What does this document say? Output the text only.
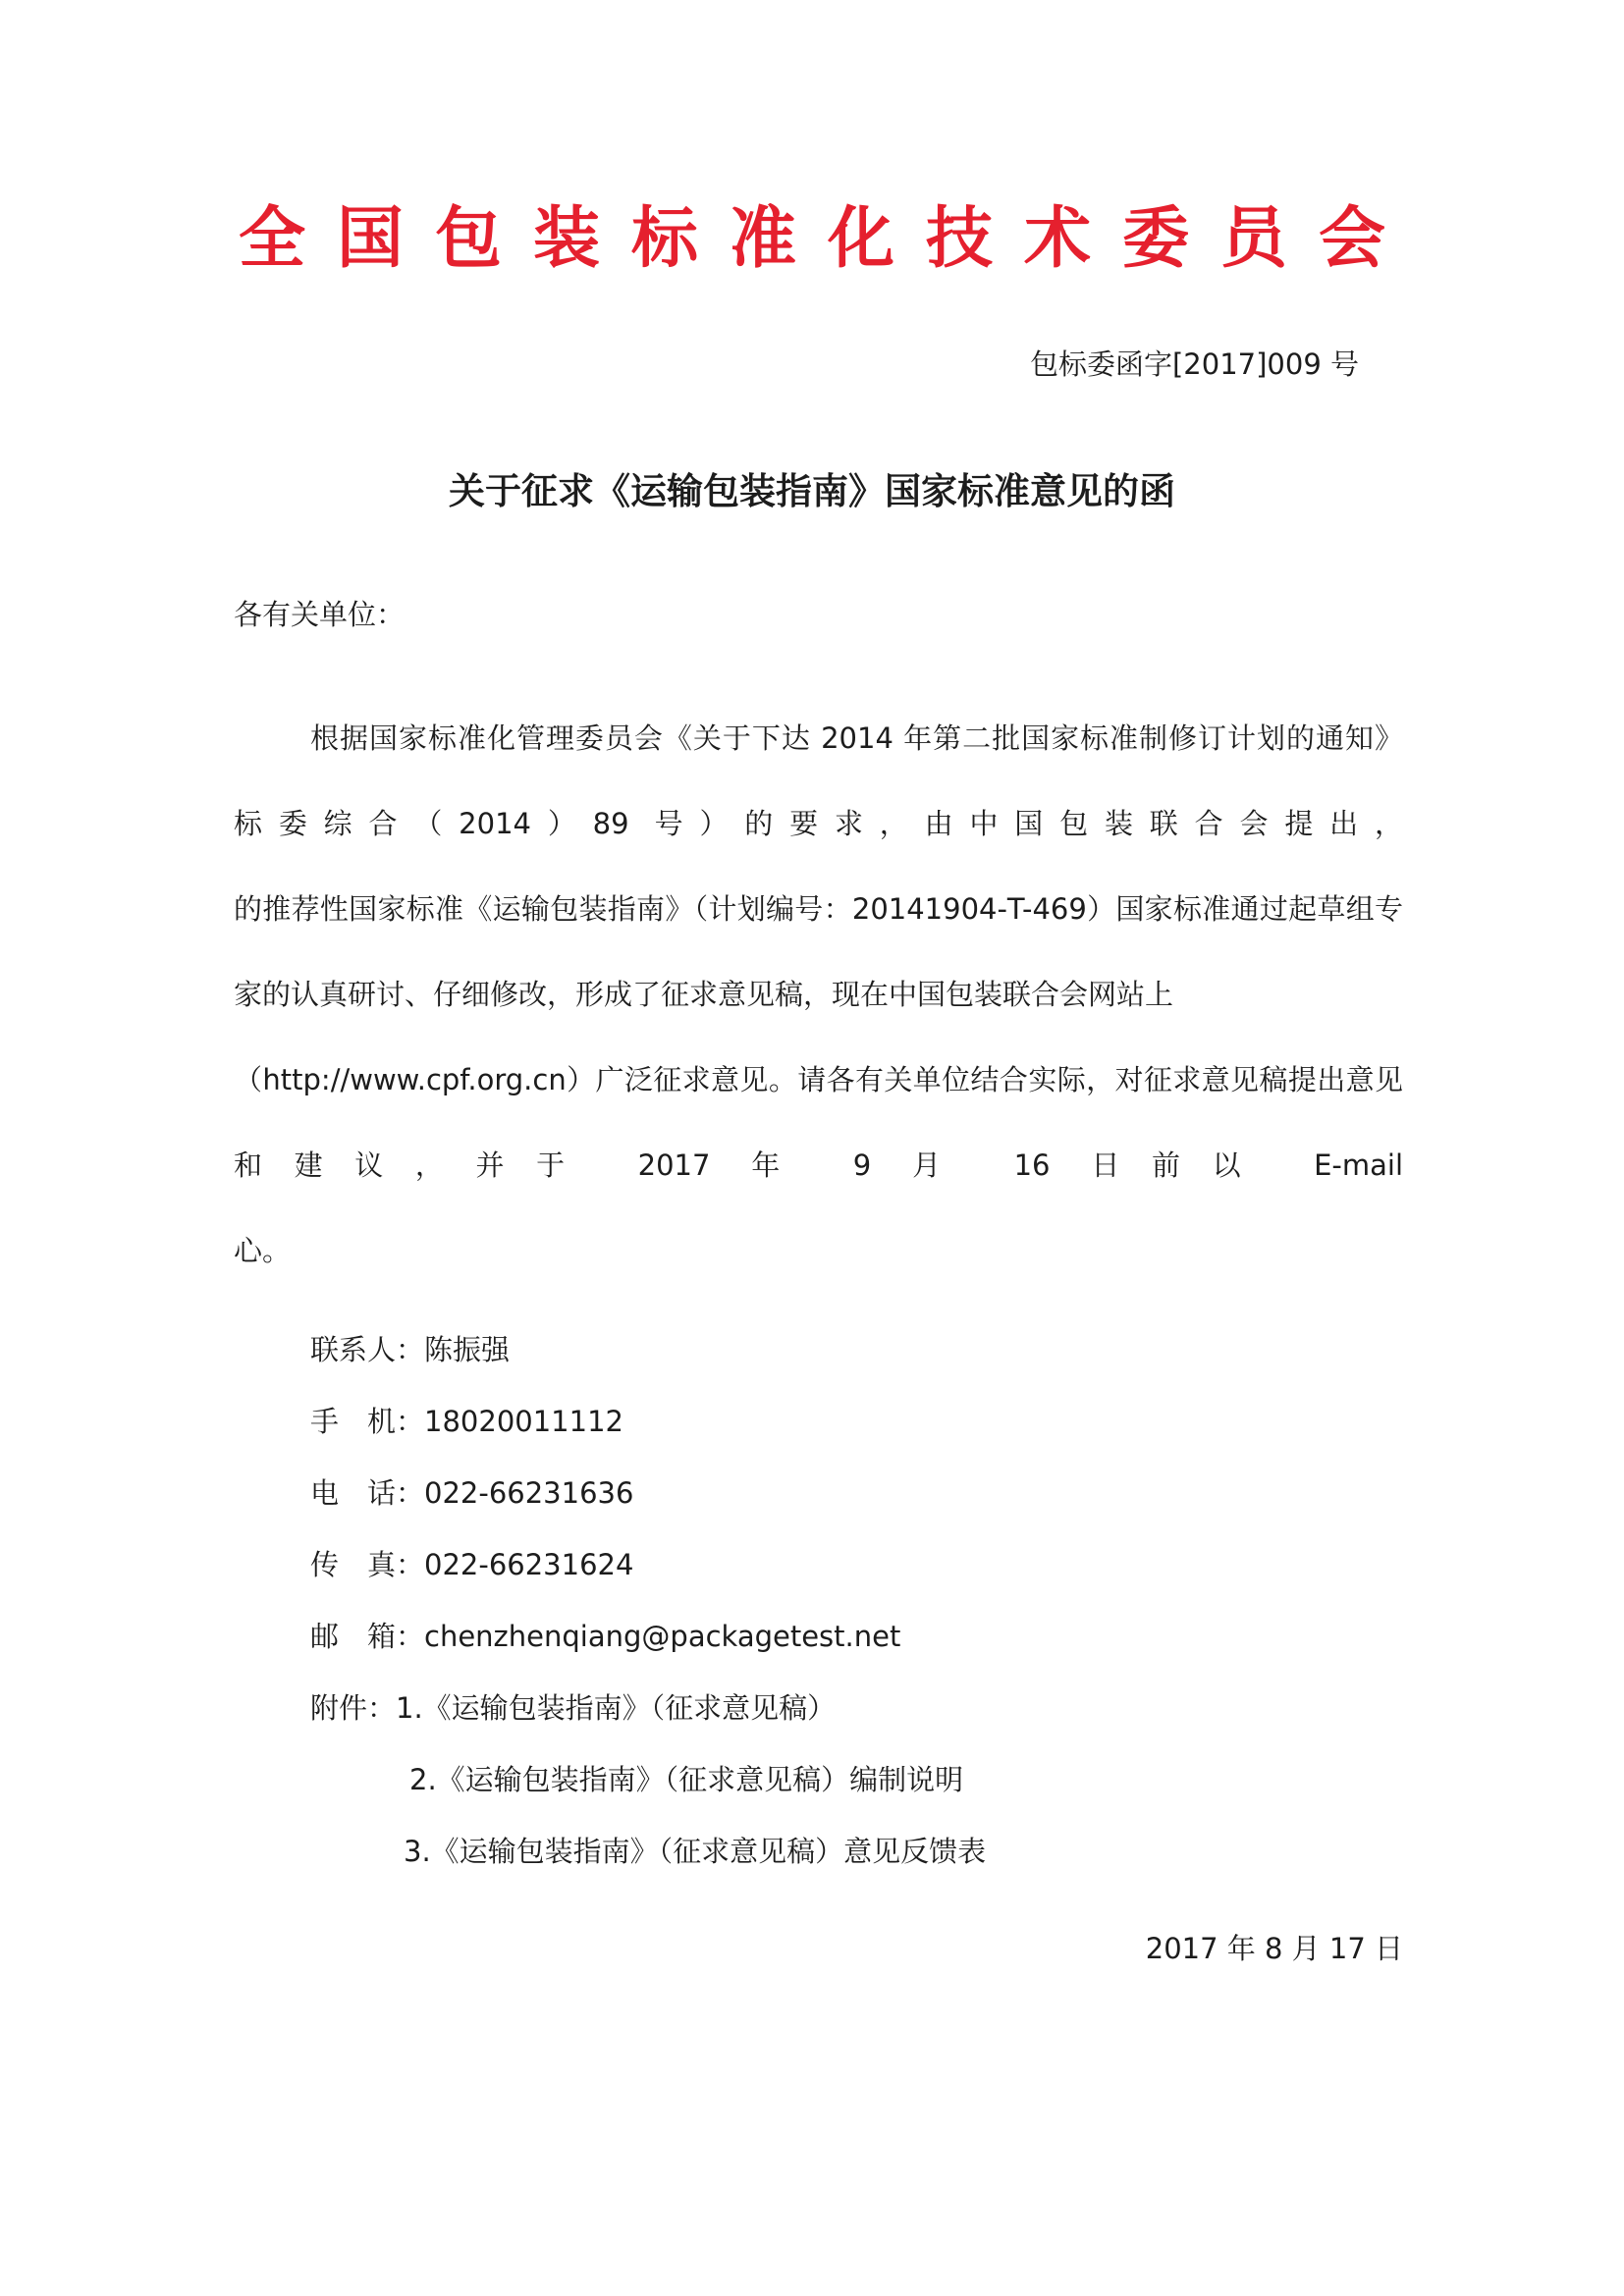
全国包装标准化技术委员会
包标委函字[2017]009 号
关于征求《运输包装指南》国家标准意见的函
各有关单位：
根据国家标准化管理委员会《关于下达 2014 年第二批国家标准制修订计划的通知》
标委综合（2014）89 号）的要求，由中国包装联合会提出，
的推荐性国家标准《运输包装指南》（计划编号：20141904-T-469）国家标准通过起草组专
家的认真研讨、仔细修改，形成了征求意见稿，现在中国包装联合会网站上
（http://www.cpf.org.cn）广泛征求意见。请各有关单位结合实际，对征求意见稿提出意见
和建议，并于 2017 年 9 月 16 日前以 E-mail
心。
联系人：陈振强
手　机：18020011112
电　话：022-66231636
传　真：022-66231624
邮　箱：chenzhenqiang@packagetest.net
附件：1.《运输包装指南》（征求意见稿）
2.《运输包装指南》（征求意见稿）编制说明
3.《运输包装指南》（征求意见稿）意见反馈表
2017 年 8 月 17 日
